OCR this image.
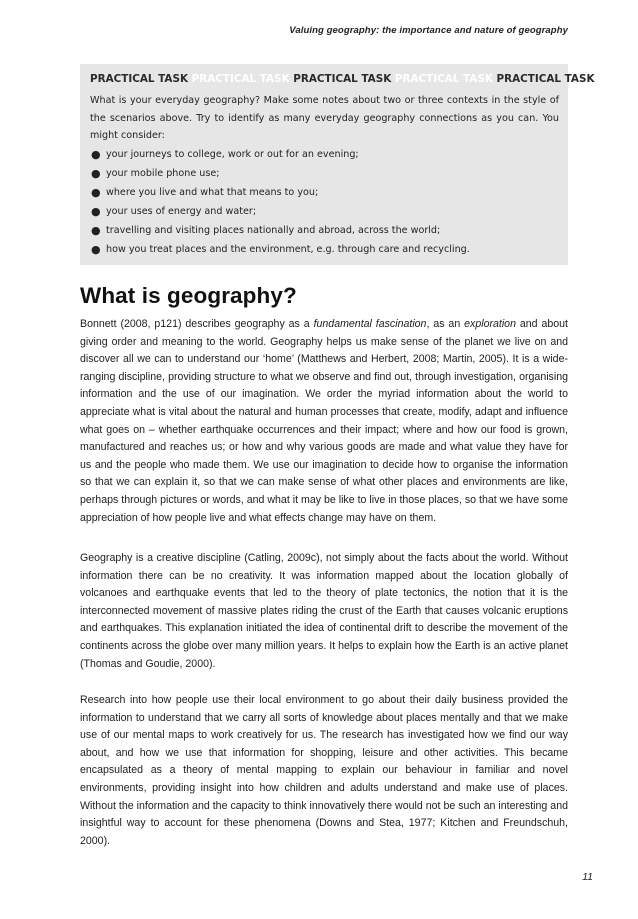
Valuing geography: the importance and nature of geography
PRACTICAL TASK PRACTICAL TASK PRACTICAL TASK PRACTICAL TASK PRACTICAL TASK
What is your everyday geography? Make some notes about two or three contexts in the style of the scenarios above. Try to identify as many everyday geography connections as you can. You might consider:
● your journeys to college, work or out for an evening;
● your mobile phone use;
● where you live and what that means to you;
● your uses of energy and water;
● travelling and visiting places nationally and abroad, across the world;
● how you treat places and the environment, e.g. through care and recycling.
What is geography?

Bonnett (2008, p121) describes geography as a fundamental fascination, as an exploration and about giving order and meaning to the world. Geography helps us make sense of the planet we live on and discover all we can to understand our ‘home’ (Matthews and Herbert, 2008; Martin, 2005). It is a wide-ranging discipline, providing structure to what we observe and find out, through investigation, organising information and the use of our imagination. We order the myriad information about the world to appreciate what is vital about the natural and human processes that create, modify, adapt and influence what goes on – whether earthquake occurrences and their impact; where and how our food is grown, manufactured and reaches us; or how and why various goods are made and what value they have for us and the people who made them. We use our imagination to decide how to organise the information so that we can explain it, so that we can make sense of what other places and environments are like, perhaps through pictures or words, and what it may be like to live in those places, so that we have some appreciation of how people live and what effects change may have on them.

Geography is a creative discipline (Catling, 2009c), not simply about the facts about the world. Without information there can be no creativity. It was information mapped about the location globally of volcanoes and earthquake events that led to the theory of plate tectonics, the notion that it is the interconnected movement of massive plates riding the crust of the Earth that causes volcanic eruptions and earthquakes. This explanation initiated the idea of continental drift to describe the movement of the continents across the globe over many million years. It helps to explain how the Earth is an active planet (Thomas and Goudie, 2000).

Research into how people use their local environment to go about their daily business provided the information to understand that we carry all sorts of knowledge about places mentally and that we make use of our mental maps to work creatively for us. The research has investigated how we find our way about, and how we use that information for shopping, leisure and other activities. This became encapsulated as a theory of mental mapping to explain our behaviour in familiar and novel environments, providing insight into how children and adults understand and make use of places. Without the information and the capacity to think innovatively there would not be such an interesting and insightful way to account for these phenomena (Downs and Stea, 1977; Kitchen and Freundschuh, 2000).

11
